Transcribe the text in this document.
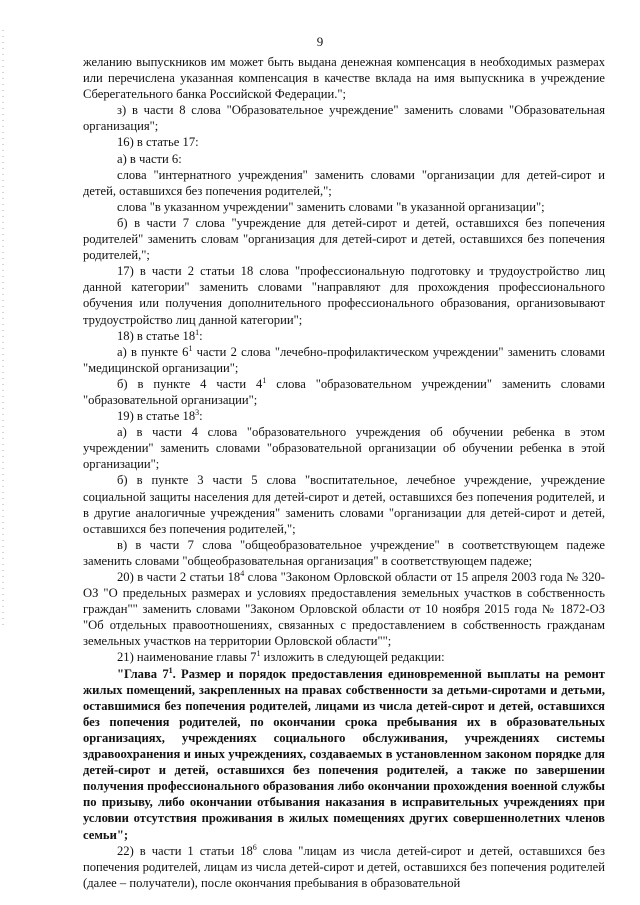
9

желанию выпускников им может быть выдана денежная компенсация в необходимых размерах или перечислена указанная компенсация в качестве вклада на имя выпускника в учреждение Сберегательного банка Российской Федерации.";

з) в части 8 слова "Образовательное учреждение" заменить словами "Образовательная организация";

16) в статье 17:

а) в части 6:

слова "интернатного учреждения" заменить словами "организации для детей-сирот и детей, оставшихся без попечения родителей,";

слова "в указанном учреждении" заменить словами "в указанной организации";

б) в части 7 слова "учреждение для детей-сирот и детей, оставшихся без попечения родителей" заменить словам "организация для детей-сирот и детей, оставшихся без попечения родителей,";

17) в части 2 статьи 18 слова "профессиональную подготовку и трудоустройство лиц данной категории" заменить словами "направляют для прохождения профессионального обучения или получения дополнительного профессионального образования, организовывают трудоустройство лиц данной категории";

18) в статье $18^1$:

а) в пункте $6^1$ части 2 слова "лечебно-профилактическом учреждении" заменить словами "медицинской организации";

б) в пункте 4 части $4^1$ слова "образовательном учреждении" заменить словами "образовательной организации";

19) в статье $18^3$:

а) в части 4 слова "образовательного учреждения об обучении ребенка в этом учреждении" заменить словами "образовательной организации об обучении ребенка в этой организации";

б) в пункте 3 части 5 слова "воспитательное, лечебное учреждение, учреждение социальной защиты населения для детей-сирот и детей, оставшихся без попечения родителей, и в другие аналогичные учреждения" заменить словами "организации для детей-сирот и детей, оставшихся без попечения родителей,";

в) в части 7 слова "общеобразовательное учреждение" в соответствующем падеже заменить словами "общеобразовательная организация" в соответствующем падеже;

20) в части 2 статьи $18^4$ слова "Законом Орловской области от 15 апреля 2003 года № 320-ОЗ "О предельных размерах и условиях предоставления земельных участков в собственность граждан"" заменить словами "Законом Орловской области от 10 ноября 2015 года № 1872-ОЗ "Об отдельных правоотношениях, связанных с предоставлением в собственность гражданам земельных участков на территории Орловской области"";

21) наименование главы $7^1$ изложить в следующей редакции:

"Глава $7^1$. Размер и порядок предоставления единовременной выплаты на ремонт жилых помещений, закрепленных на правах собственности за детьми-сиротами и детьми, оставшимися без попечения родителей, лицами из числа детей-сирот и детей, оставшихся без попечения родителей, по окончании срока пребывания их в образовательных организациях, учреждениях социального обслуживания, учреждениях системы здравоохранения и иных учреждениях, создаваемых в установленном законом порядке для детей-сирот и детей, оставшихся без попечения родителей, а также по завершении получения профессионального образования либо окончании прохождения военной службы по призыву, либо окончании отбывания наказания в исправительных учреждениях при условии отсутствия проживания в жилых помещениях других совершеннолетних членов семьи";

22) в части 1 статьи $18^6$ слова "лицам из числа детей-сирот и детей, оставшихся без попечения родителей, лицам из числа детей-сирот и детей, оставшихся без попечения родителей (далее – получатели), после окончания пребывания в образовательной
